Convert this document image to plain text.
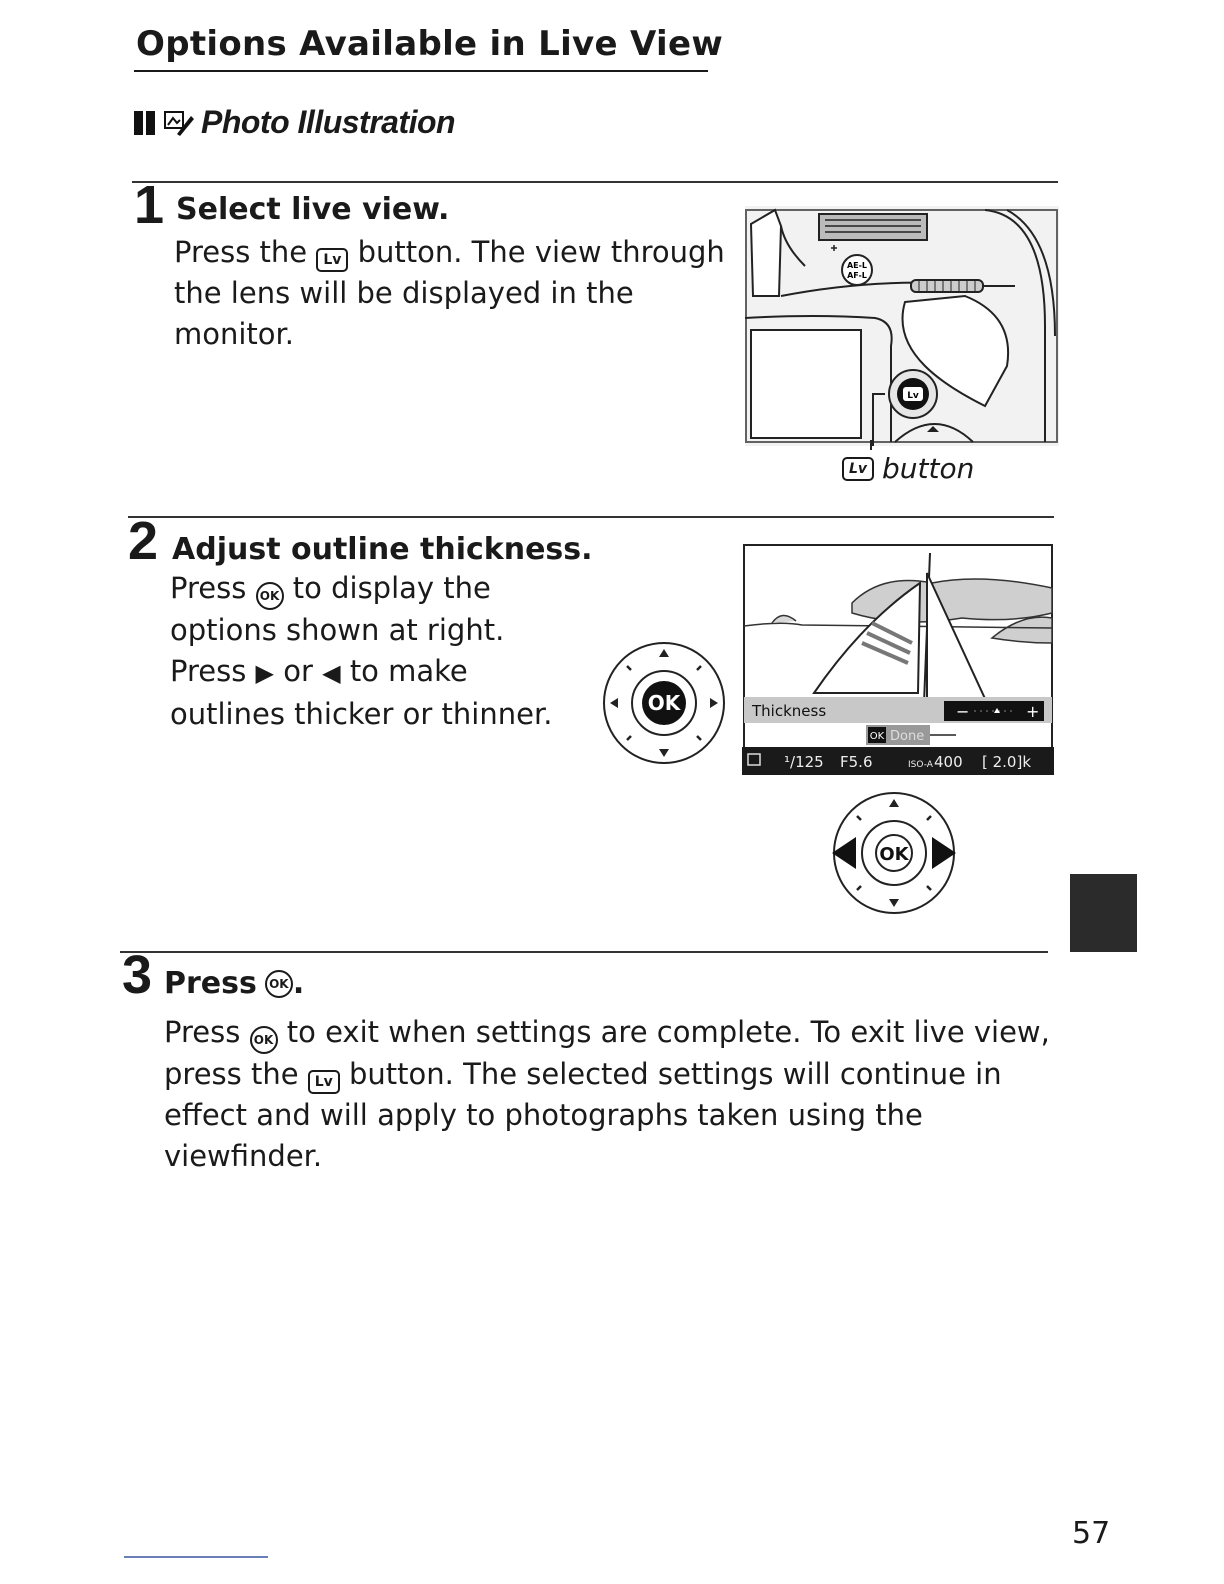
Options Available in Live View
Photo Illustration
1 Select live view.
Press the Lv button. The view through
the lens will be displayed in the
monitor.
AE-L
AF-L
Lv
Lv button
2 Adjust outline thickness.
Press OK to display the
options shown at right.
Press ▶ or ◀ to make
outlines thicker or thinner.	OK	Thickness	−	+
OK Done
¹/125 F5.6	ISO-A 400 [ 2.0]k
OK
3 Press	OK .
Press OK to exit when settings are complete. To exit live view,
press the Lv button. The selected settings will continue in
effect and will apply to photographs taken using the
viewfinder.
57
